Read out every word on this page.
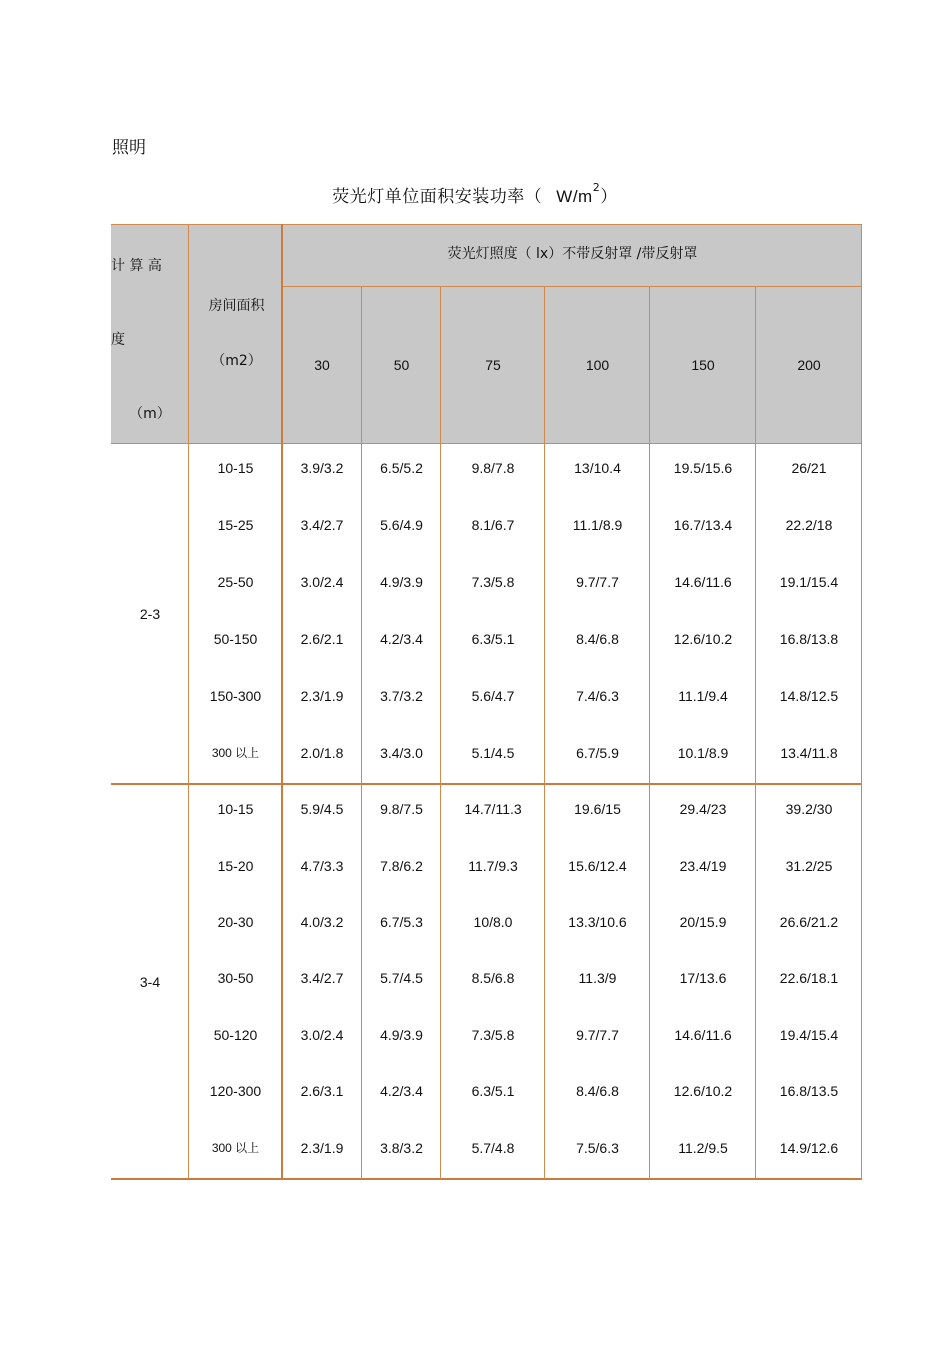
照明
荧光灯单位面积安装功率（ $W/m^2$）
计 算 高
度
（m）
房间面积
（m2）
荧光灯照度（ lx）不带反射罩 /带反射罩
30	50	75	100	150	200
2-3
10-15	3.9/3.2	6.5/5.2	9.8/7.8	13/10.4	19.5/15.6	26/21
15-25	3.4/2.7	5.6/4.9	8.1/6.7	11.1/8.9	16.7/13.4	22.2/18
25-50	3.0/2.4	4.9/3.9	7.3/5.8	9.7/7.7	14.6/11.6	19.1/15.4
50-150	2.6/2.1	4.2/3.4	6.3/5.1	8.4/6.8	12.6/10.2	16.8/13.8
150-300	2.3/1.9	3.7/3.2	5.6/4.7	7.4/6.3	11.1/9.4	14.8/12.5
300 以上	2.0/1.8	3.4/3.0	5.1/4.5	6.7/5.9	10.1/8.9	13.4/11.8
3-4
10-15	5.9/4.5	9.8/7.5	14.7/11.3	19.6/15	29.4/23	39.2/30
15-20	4.7/3.3	7.8/6.2	11.7/9.3	15.6/12.4	23.4/19	31.2/25
20-30	4.0/3.2	6.7/5.3	10/8.0	13.3/10.6	20/15.9	26.6/21.2
30-50	3.4/2.7	5.7/4.5	8.5/6.8	11.3/9	17/13.6	22.6/18.1
50-120	3.0/2.4	4.9/3.9	7.3/5.8	9.7/7.7	14.6/11.6	19.4/15.4
120-300	2.6/3.1	4.2/3.4	6.3/5.1	8.4/6.8	12.6/10.2	16.8/13.5
300 以上	2.3/1.9	3.8/3.2	5.7/4.8	7.5/6.3	11.2/9.5	14.9/12.6
